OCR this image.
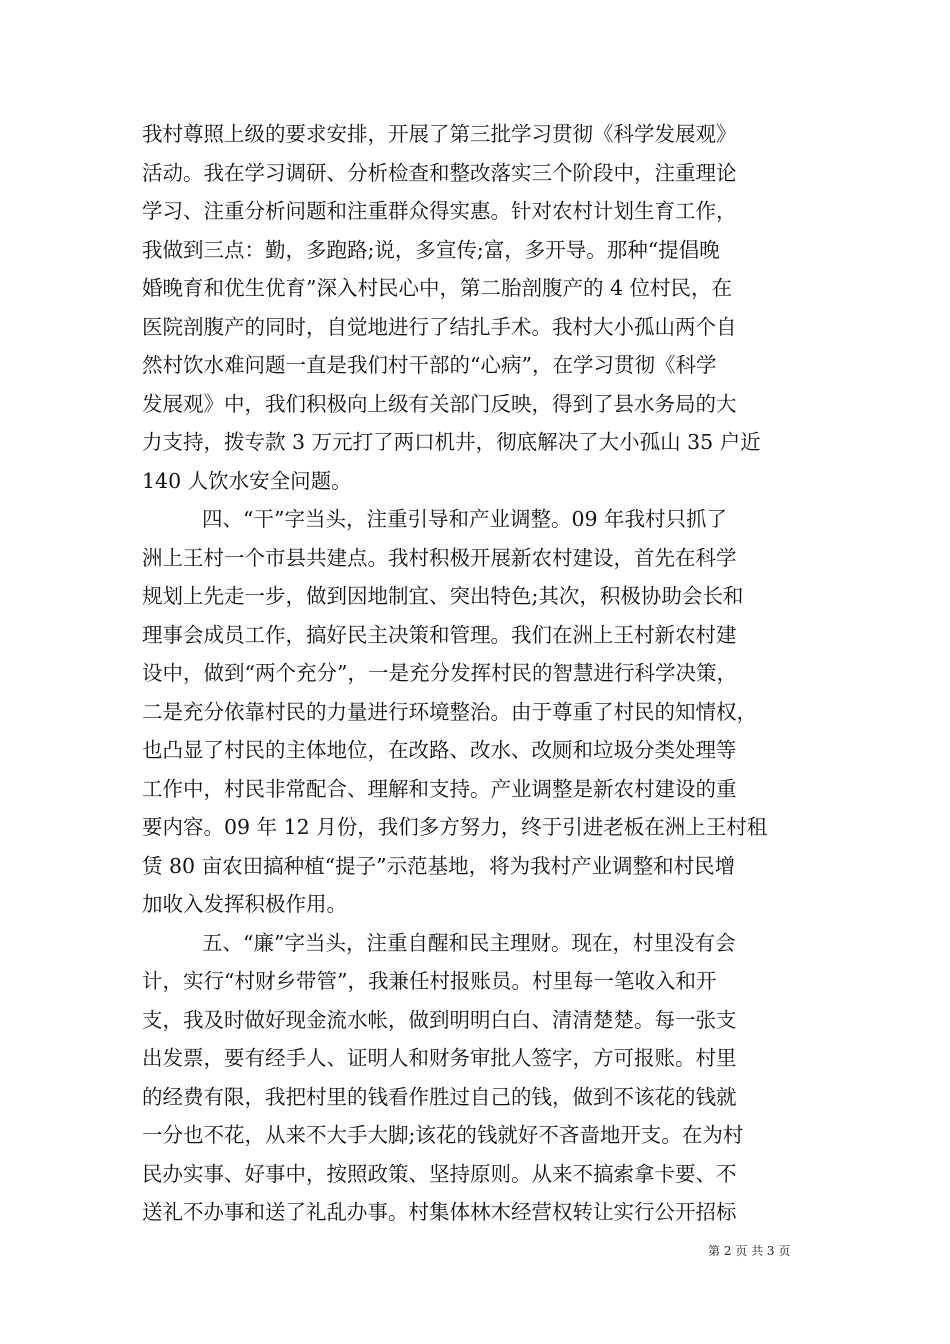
我村尊照上级的要求安排，开展了第三批学习贯彻《科学发展观》
活动。我在学习调研、分析检查和整改落实三个阶段中，注重理论
学习、注重分析问题和注重群众得实惠。针对农村计划生育工作，
我做到三点：勤，多跑路;说，多宣传;富，多开导。那种“提倡晚
婚晚育和优生优育”深入村民心中，第二胎剖腹产的 4 位村民，在
医院剖腹产的同时，自觉地进行了结扎手术。我村大小孤山两个自
然村饮水难问题一直是我们村干部的“心病”，在学习贯彻《科学
发展观》中，我们积极向上级有关部门反映，得到了县水务局的大
力支持，拨专款 3 万元打了两口机井，彻底解决了大小孤山 35 户近
140 人饮水安全问题。
四、“干”字当头，注重引导和产业调整。09 年我村只抓了
洲上王村一个市县共建点。我村积极开展新农村建设，首先在科学
规划上先走一步，做到因地制宜、突出特色;其次，积极协助会长和
理事会成员工作，搞好民主决策和管理。我们在洲上王村新农村建
设中，做到“两个充分”，一是充分发挥村民的智慧进行科学决策，
二是充分依靠村民的力量进行环境整治。由于尊重了村民的知情权，
也凸显了村民的主体地位，在改路、改水、改厕和垃圾分类处理等
工作中，村民非常配合、理解和支持。产业调整是新农村建设的重
要内容。09 年 12 月份，我们多方努力，终于引进老板在洲上王村租
赁 80 亩农田搞种植“提子”示范基地，将为我村产业调整和村民增
加收入发挥积极作用。
五、“廉”字当头，注重自醒和民主理财。现在，村里没有会
计，实行“村财乡带管”，我兼任村报账员。村里每一笔收入和开
支，我及时做好现金流水帐，做到明明白白、清清楚楚。每一张支
出发票，要有经手人、证明人和财务审批人签字，方可报账。村里
的经费有限，我把村里的钱看作胜过自己的钱，做到不该花的钱就
一分也不花，从来不大手大脚;该花的钱就好不吝啬地开支。在为村
民办实事、好事中，按照政策、坚持原则。从来不搞索拿卡要、不
送礼不办事和送了礼乱办事。村集体林木经营权转让实行公开招标
第 2 页 共 3 页
